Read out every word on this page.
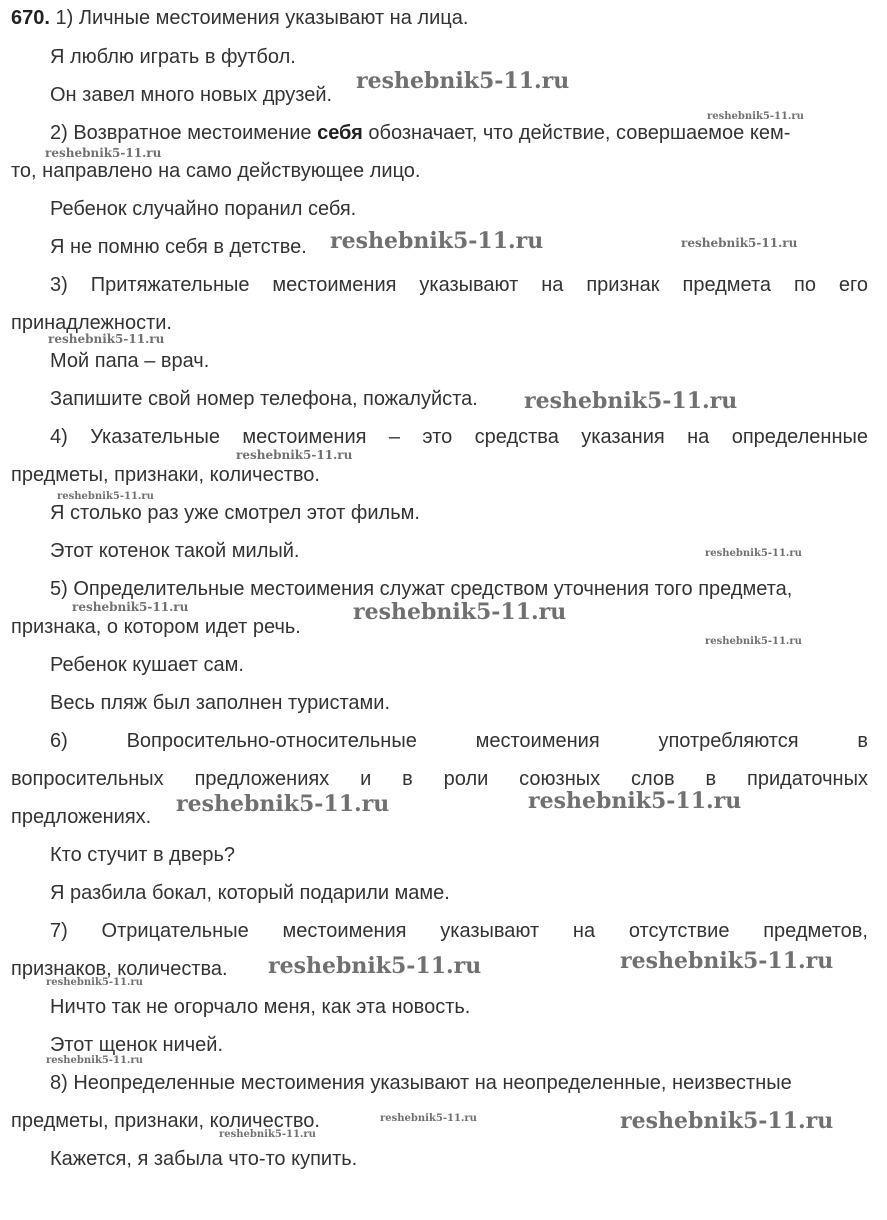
670. 1) Личные местоимения указывают на лица.
Я люблю играть в футбол.
Он завел много новых друзей.
2) Возвратное местоимение себя обозначает, что действие, совершаемое кем-
то, направлено на само действующее лицо.
Ребенок случайно поранил себя.
Я не помню себя в детстве.
3) Притяжательные местоимения указывают на признак предмета по его
принадлежности.
Мой папа – врач.
Запишите свой номер телефона, пожалуйста.
4) Указательные местоимения – это средства указания на определенные
предметы, признаки, количество.
Я столько раз уже смотрел этот фильм.
Этот котенок такой милый.
5) Определительные местоимения служат средством уточнения того предмета,
признака, о котором идет речь.
Ребенок кушает сам.
Весь пляж был заполнен туристами.
6)	Вопросительно-относительные	местоимения	употребляются	в
вопросительных предложениях и в роли союзных слов в придаточных
предложениях.
Кто стучит в дверь?
Я разбила бокал, который подарили маме.
7) Отрицательные местоимения указывают на отсутствие предметов,
признаков, количества.
Ничто так не огорчало меня, как эта новость.
Этот щенок ничей.
8) Неопределенные местоимения указывают на неопределенные, неизвестные
предметы, признаки, количество.
Кажется, я забыла что-то купить.
reshebnik5-11.ru
reshebnik5-11.ru
reshebnik5-11.ru
reshebnik5-11.ru	reshebnik5-11.ru
reshebnik5-11.ru
reshebnik5-11.ru
reshebnik5-11.ru
reshebnik5-11.ru
reshebnik5-11.ru
reshebnik5-11.ru	reshebnik5-11.ru
reshebnik5-11.ru
reshebnik5-11.ru	reshebnik5-11.ru
reshebnik5-11.ru	reshebnik5-11.ru
reshebnik5-11.ru
reshebnik5-11.ru
reshebnik5-11.ru	reshebnik5-11.ru
reshebnik5-11.ru
